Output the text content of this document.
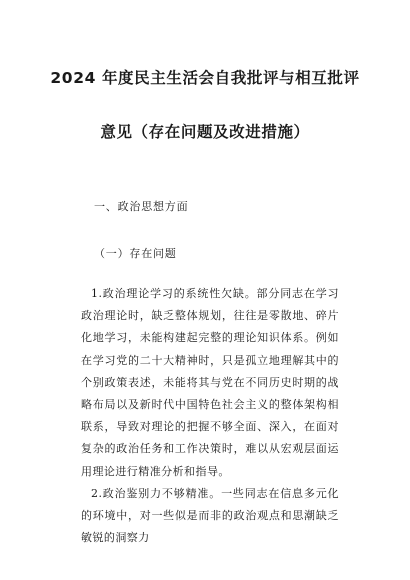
2024 年度民主生活会自我批评与相互批评
意见（存在问题及改进措施）
一、政治思想方面
（一）存在问题
1.政治理论学习的系统性欠缺。部分同志在学习政治理论时，缺乏整体规划，往往是零散地、碎片化地学习，未能构建起完整的理论知识体系。例如在学习党的二十大精神时，只是孤立地理解其中的个别政策表述，未能将其与党在不同历史时期的战略布局以及新时代中国特色社会主义的整体架构相联系，导致对理论的把握不够全面、深入，在面对复杂的政治任务和工作决策时，难以从宏观层面运用理论进行精准分析和指导。
2.政治鉴别力不够精准。一些同志在信息多元化的环境中，对一些似是而非的政治观点和思潮缺乏敏锐的洞察力
